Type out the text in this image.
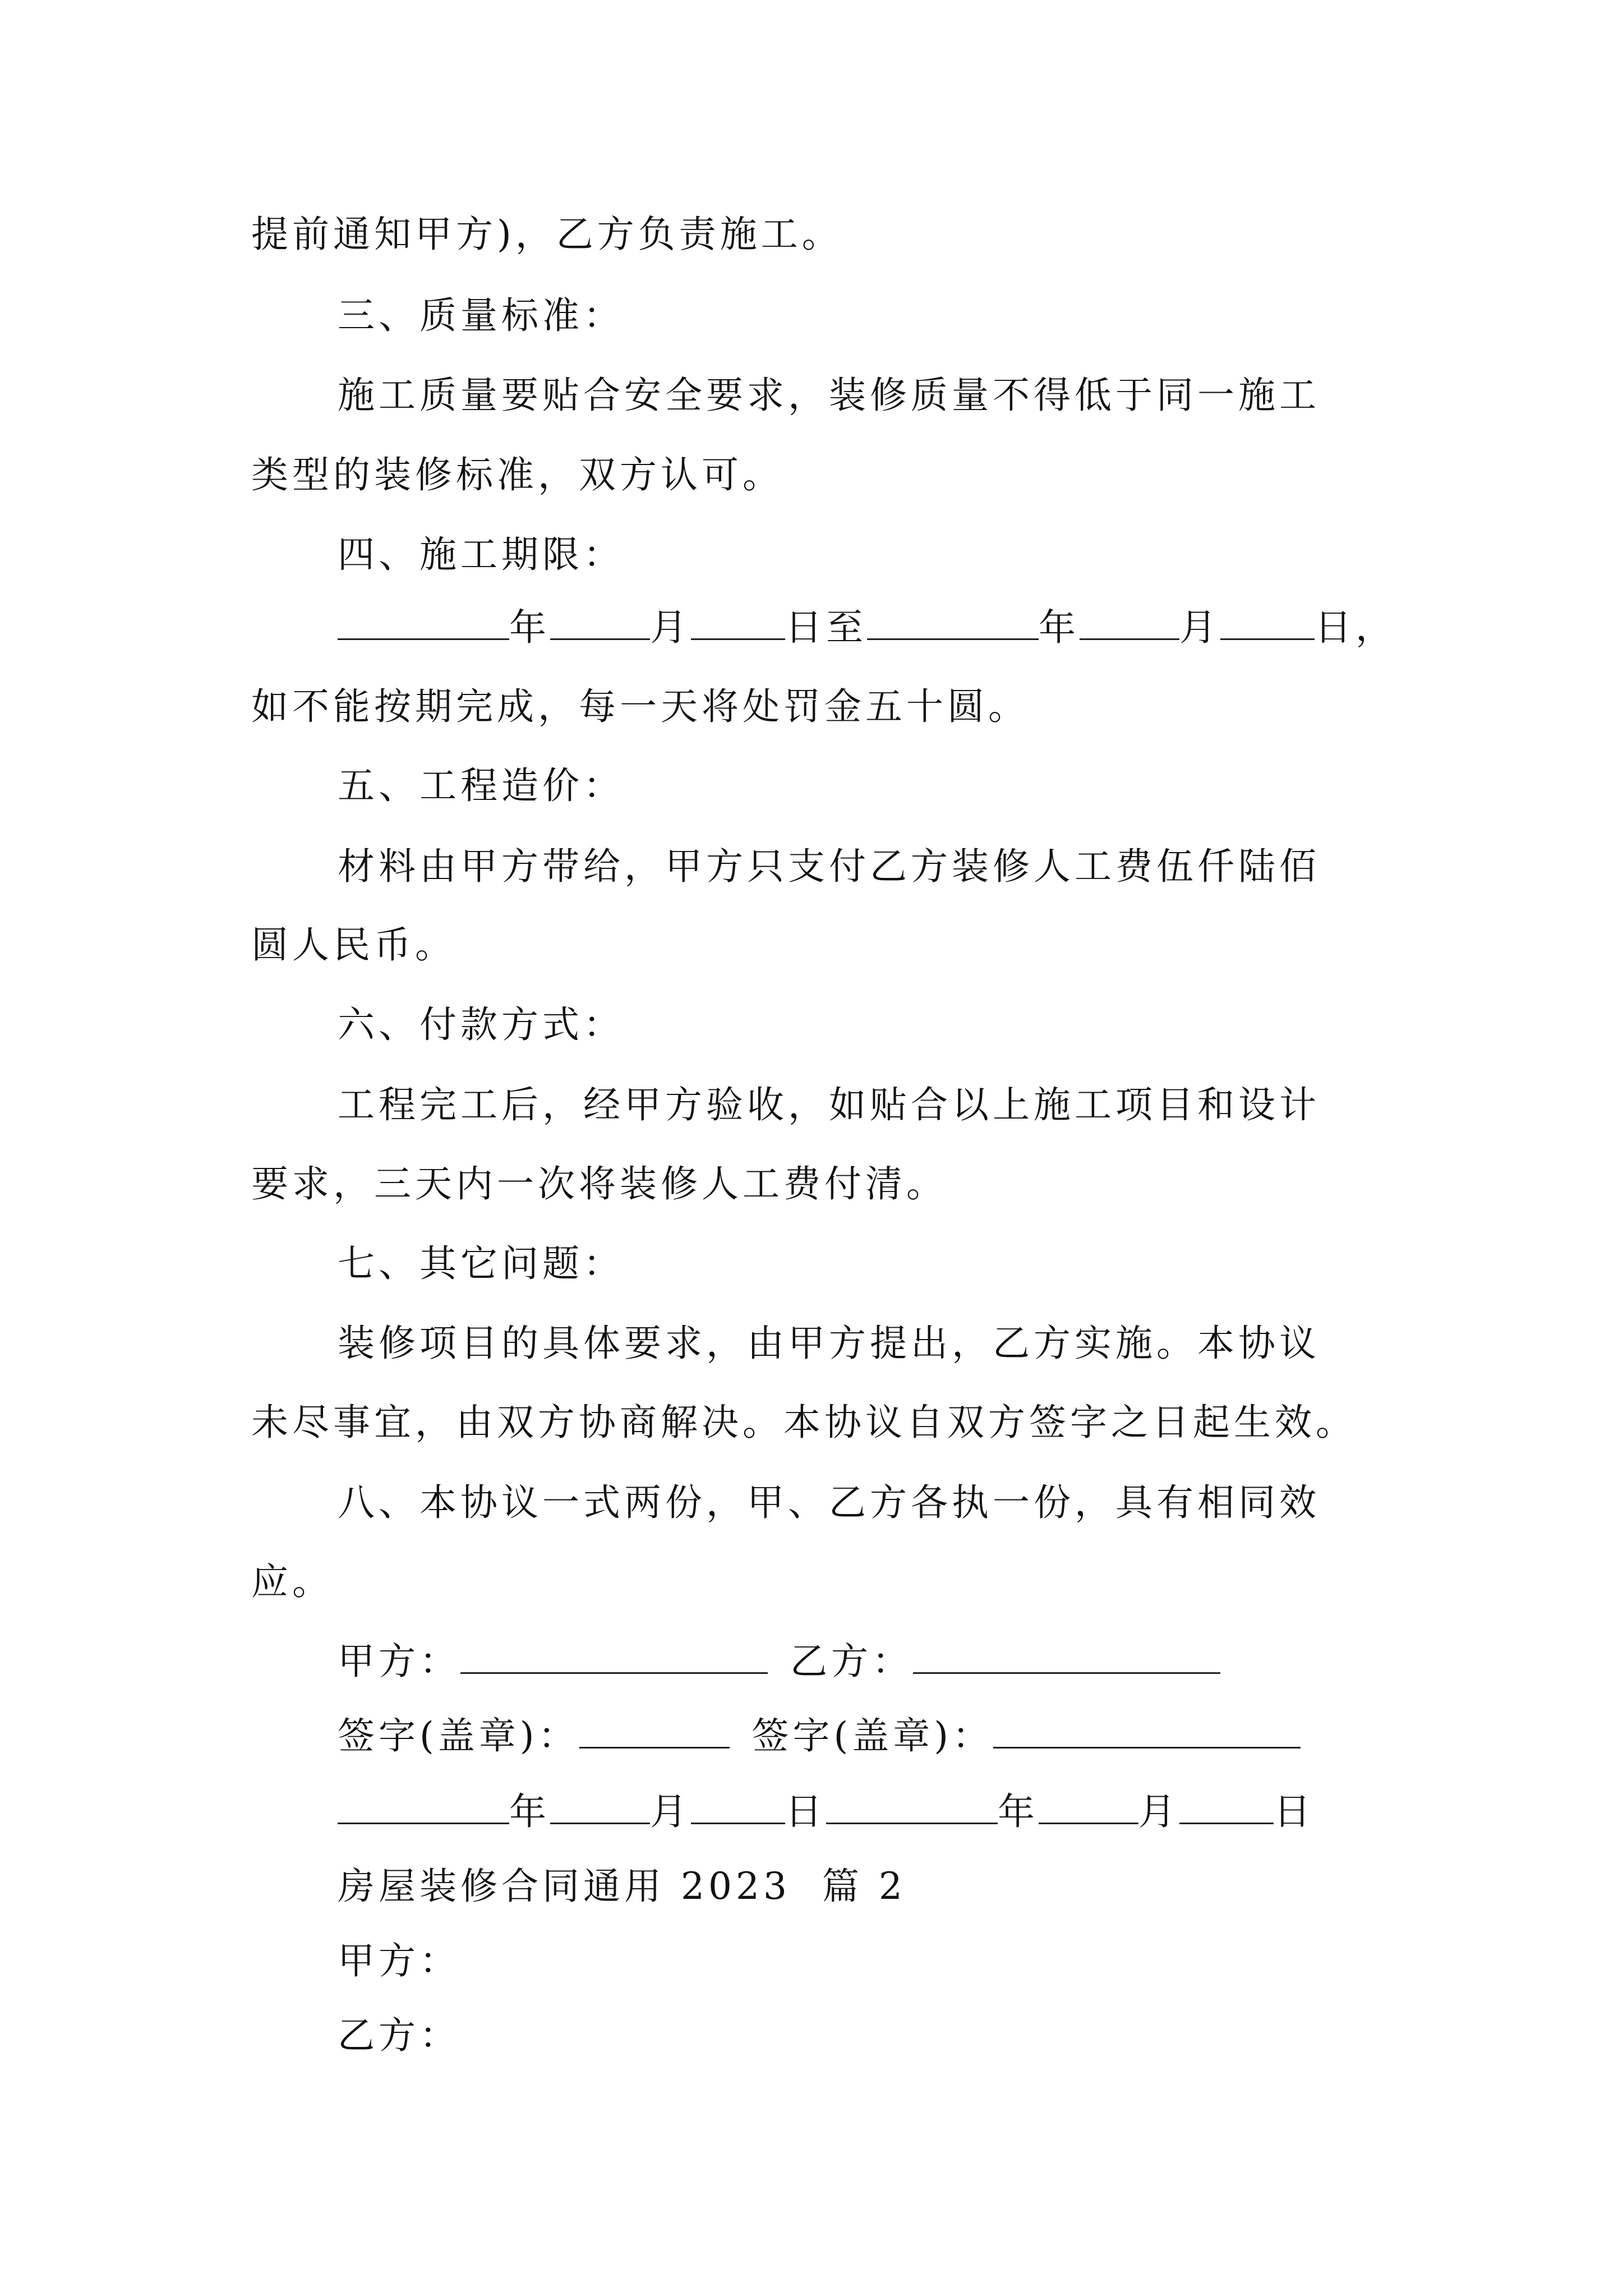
提前通知甲方)，乙方负责施工。
三、质量标准：
施工质量要贴合安全要求，装修质量不得低于同一施工
类型的装修标准，双方认可。
四、施工期限：
年	月	日至	年	月	日，
如不能按期完成，每一天将处罚金五十圆。
五、工程造价：
材料由甲方带给，甲方只支付乙方装修人工费伍仟陆佰
圆人民币。
六、付款方式：
工程完工后，经甲方验收，如贴合以上施工项目和设计
要求，三天内一次将装修人工费付清。
七、其它问题：
装修项目的具体要求，由甲方提出，乙方实施。本协议
未尽事宜，由双方协商解决。本协议自双方签字之日起生效。
八、本协议一式两份，甲、乙方各执一份，具有相同效
应。
甲方：	乙方：
签字(盖章)：	签字(盖章)：
年	月	日	年	月	日
房屋装修合同通用 2023  篇 2
甲方：
乙方：
